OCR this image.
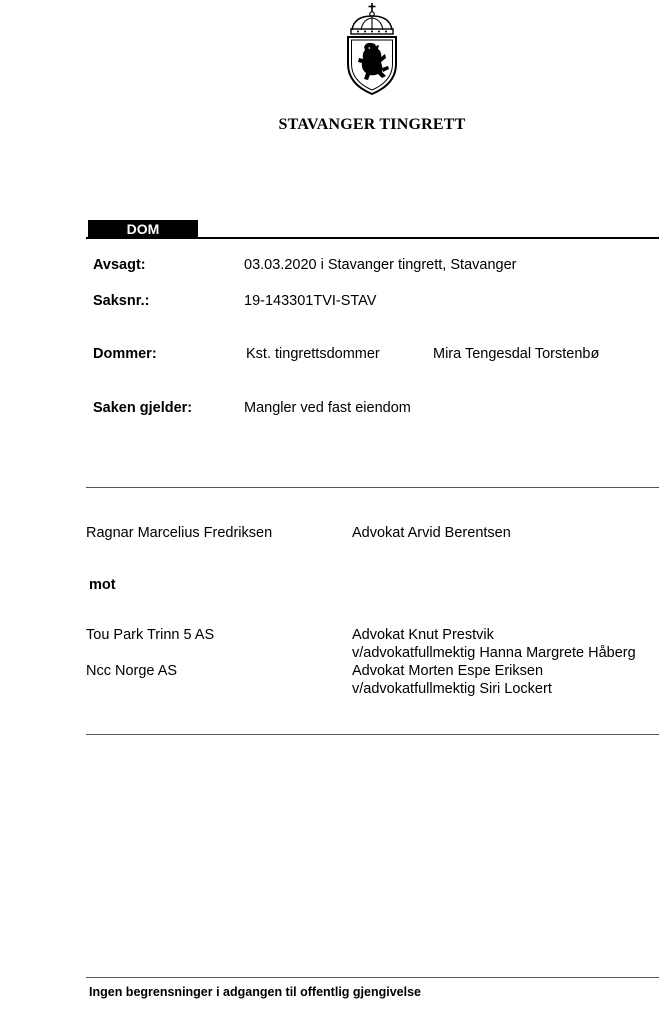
STAVANGER TINGRETT
DOM
Avsagt:	03.03.2020 i Stavanger tingrett, Stavanger
Saksnr.:	19-143301TVI-STAV
Dommer:	Kst. tingrettsdommer	Mira Tengesdal Torstenbø
Saken gjelder:	Mangler ved fast eiendom
Ragnar Marcelius Fredriksen	Advokat Arvid Berentsen
mot
Tou Park Trinn 5 AS	Advokat Knut Prestvik
v/advokatfullmektig Hanna Margrete Håberg
Ncc Norge AS	Advokat Morten Espe Eriksen
v/advokatfullmektig Siri Lockert
Ingen begrensninger i adgangen til offentlig gjengivelse
